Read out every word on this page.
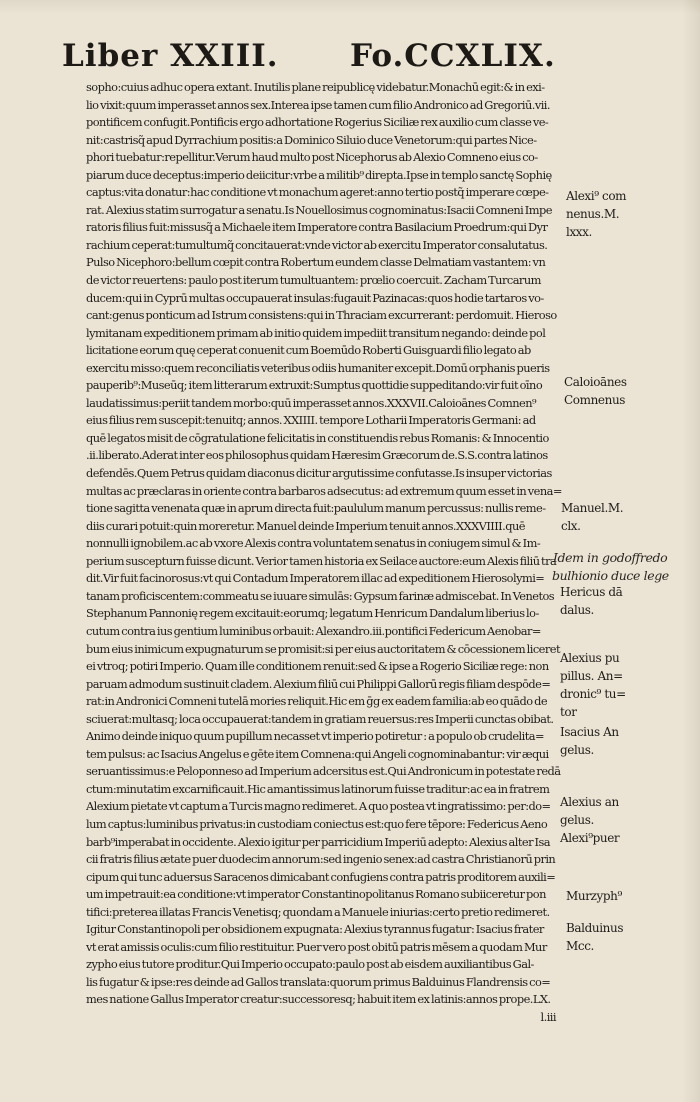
Liber XXIII. Fo.CCXLIX.
sopho:cuius adhuc opera extant. Inutilis plane reipublicę videbatur.Monachū egit:& in exi-
lio vixit:quum imperasset annos sex.Interea ipse tamen cum filio Andronico ad Gregoriū.vii.
pontificem confugit.Pontificis ergo adhortatione Rogerius Siciliæ rex auxilio cum classe ve-
nit:castrisq̃ apud Dyrrachium positis:a Dominico Siluio duce Venetorum:qui partes Nice-
phori tuebatur:repellitur.Verum haud multo post Nicephorus ab Alexio Comneno eius co-
piarum duce deceptus:imperio deiicitur:vrbe a militib⁹ direpta.Ipse in templo sanctę Sophię
captus:vita donatur:hac conditione vt monachum ageret:anno tertio postq̃ imperare cœpe-
rat. Alexius statim surrogatur a senatu.Is Nouellosimus cognominatus:Isacii Comneni Impe
ratoris filius fuit:missusq̃ a Michaele item Imperatore contra Basilacium Proedrum:qui Dyr
rachium ceperat:tumultumq̃ concitauerat:vnde victor ab exercitu Imperator consalutatus.
Pulso Nicephoro:bellum cœpit contra Robertum eundem classe Delmatiam vastantem: vn
de victor reuertens: paulo post iterum tumultuantem: prœlio coercuit. Zacham Turcarum
ducem:qui in Cyprū multas occupauerat insulas:fugauit Pazinacas:quos hodie tartaros vo-
cant:genus ponticum ad Istrum consistens:qui in Thraciam excurrerant: perdomuit. Hieroso
lymitanam expeditionem primam ab initio quidem impediit transitum negando: deinde pol
licitatione eorum quę ceperat conuenit cum Boemūdo Roberti Guisguardi filio legato ab
exercitu misso:quem reconciliatis veteribus odiis humaniter excepit.Domū orphanis pueris
pauperib⁹:Museūq; item litterarum extruxit:Sumptus quottidie suppeditando:vir fuit oīno
laudatissimus:periit tandem morbo:quū imperasset annos.XXXVII.Caloioānes Comnen⁹
eius filius rem suscepit:tenuitq; annos. XXIIII. tempore Lotharii Imperatoris Germani: ad
quē legatos misit de cōgratulatione felicitatis in constituendis rebus Romanis: & Innocentio
.ii.liberato.Aderat inter eos philosophus quidam Hæresim Græcorum de.S.S.contra latinos
defendēs.Quem Petrus quidam diaconus dicitur argutissime confutasse.Is insuper victorias
multas ac præclaras in oriente contra barbaros adsecutus: ad extremum quum esset in vena=
tione sagitta venenata quæ in aprum directa fuit:paululum manum percussus: nullis reme-
diis curari potuit:quin moreretur. Manuel deinde Imperium tenuit annos.XXXVIIII.quē
nonnulli ignobilem.ac ab vxore Alexis contra voluntatem senatus in coniugem simul & Im-
perium suscepturn fuisse dicunt. Verior tamen historia ex Seilace auctore:eum Alexis filiū tra
dit.Vir fuit facinorosus:vt qui Contadum Imperatorem illac ad expeditionem Hierosolymi=
tanam proficiscentem:commeatu se iuuare simulās: Gypsum farinæ admiscebat. In Venetos
Stephanum Pannonię regem excitauit:eorumq; legatum Henricum Dandalum liberius lo-
cutum contra ius gentium luminibus orbauit: Alexandro.iii.pontifici Federicum Aenobar=
bum eius inimicum expugnaturum se promisit:si per eius auctoritatem & cōcessionem liceret
ei vtroq; potiri Imperio. Quam ille conditionem renuit:sed & ipse a Rogerio Siciliæ rege: non
paruam admodum sustinuit cladem. Alexium filiū cui Philippi Gallorū regis filiam despōde=
rat:in Andronici Comneni tutelā mories reliquit.Hic em ḡg ex eadem familia:ab eo quādo de
sciuerat:multasq; loca occupauerat:tandem in gratiam reuersus:res Imperii cunctas obibat.
Animo deinde iniquo quum pupillum necasset vt imperio potiretur : a populo ob crudelita=
tem pulsus: ac Isacius Angelus e gēte item Comnena:qui Angeli cognominabantur: vir æqui
seruantissimus:e Peloponneso ad Imperium adcersitus est.Qui Andronicum in potestate redā
ctum:minutatim excarnificauit.Hic amantissimus latinorum fuisse traditur:ac ea in fratrem
Alexium pietate vt captum a Turcis magno redimeret. A quo postea vt ingratissimo: per:do=
lum captus:luminibus privatus:in custodiam coniectus est:quo fere tēpore: Federicus Aeno
barb⁹imperabat in occidente. Alexio igitur per parricidium Imperiū adepto: Alexius alter Isa
cii fratris filius ætate puer duodecim annorum:sed ingenio senex:ad castra Christianorū prin
cipum qui tunc aduersus Saracenos dimicabant confugiens contra patris proditorem auxili=
um impetrauit:ea conditione:vt imperator Constantinopolitanus Romano subiiceretur pon
tifici:preterea illatas Francis Venetisq; quondam a Manuele iniurias:certo pretio redimeret.
Igitur Constantinopoli per obsidionem expugnata: Alexius tyrannus fugatur: Isacius frater
vt erat amissis oculis:cum filio restituitur. Puer vero post obitū patris mēsem a quodam Mur
zypho eius tutore proditur.Qui Imperio occupato:paulo post ab eisdem auxiliantibus Gal-
lis fugatur & ipse:res deinde ad Gallos translata:quorum primus Balduinus Flandrensis co=
mes natione Gallus Imperator creatur:successoresq; habuit item ex latinis:annos prope.LX.
l.iii
Alexi⁹ com
nenus.M.
lxxx.
Caloioānes
Comnenus
Manuel.M.
clx.
Idem in godoffredo
bulhionio duce lege
Hericus dā
dalus.
Alexius pu
pillus. An=
dronic⁹ tu=
tor
Isacius An
gelus.
Alexius an
gelus.
Alexi⁹puer
Murzyph⁹
Balduinus
Mcc.
